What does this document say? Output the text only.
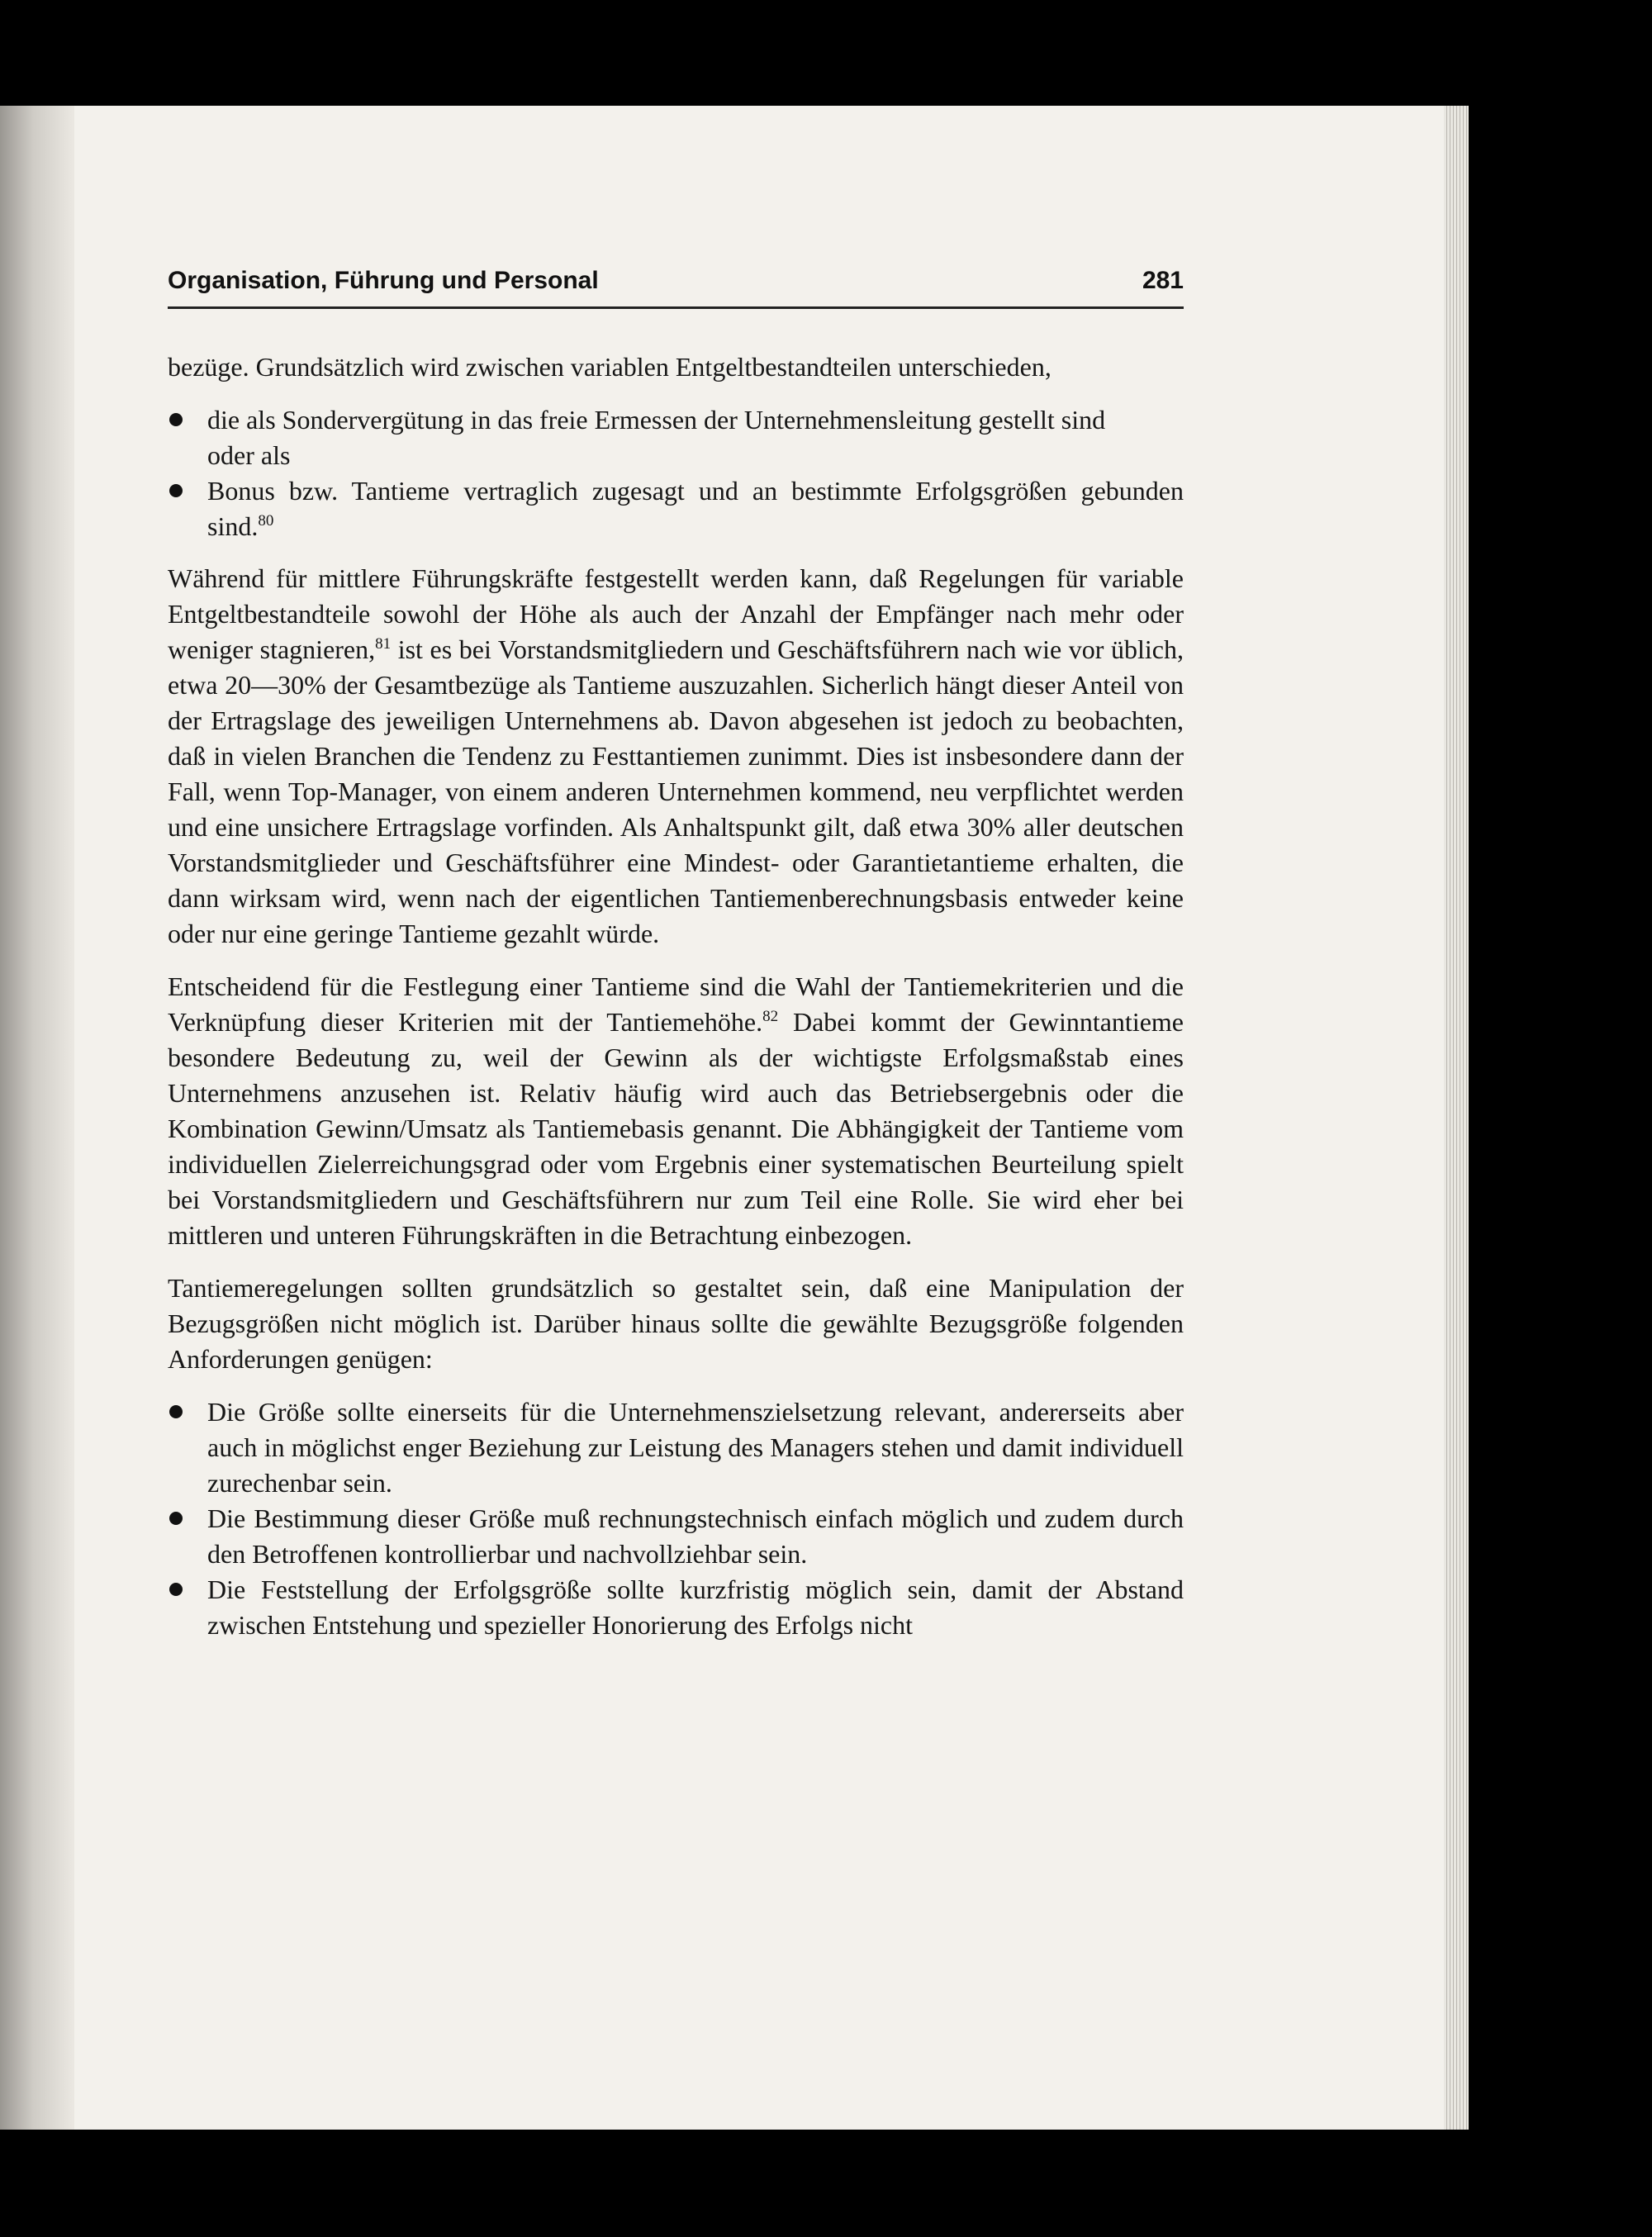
Organisation, Führung und Personal	281

bezüge. Grundsätzlich wird zwischen variablen Entgeltbestandteilen unterschieden,

die als Sondervergütung in das freie Ermessen der Unternehmensleitung gestellt sind
oder als
Bonus bzw. Tantieme vertraglich zugesagt und an bestimmte Erfolgsgrößen gebunden sind.$^{80}$

Während für mittlere Führungskräfte festgestellt werden kann, daß Regelungen für variable Entgeltbestandteile sowohl der Höhe als auch der Anzahl der Empfänger nach mehr oder weniger stagnieren,$^{81}$ ist es bei Vorstandsmitgliedern und Geschäftsführern nach wie vor üblich, etwa 20—30% der Gesamtbezüge als Tantieme auszuzahlen. Sicherlich hängt dieser Anteil von der Ertragslage des jeweiligen Unternehmens ab. Davon abgesehen ist jedoch zu beobachten, daß in vielen Branchen die Tendenz zu Festtantiemen zunimmt. Dies ist insbesondere dann der Fall, wenn Top-Manager, von einem anderen Unternehmen kommend, neu verpflichtet werden und eine unsichere Ertragslage vorfinden. Als Anhaltspunkt gilt, daß etwa 30% aller deutschen Vorstandsmitglieder und Geschäftsführer eine Mindest- oder Garantietantieme erhalten, die dann wirksam wird, wenn nach der eigentlichen Tantiemenberechnungsbasis entweder keine oder nur eine geringe Tantieme gezahlt würde.

Entscheidend für die Festlegung einer Tantieme sind die Wahl der Tantiemekriterien und die Verknüpfung dieser Kriterien mit der Tantiemehöhe.$^{82}$ Dabei kommt der Gewinntantieme besondere Bedeutung zu, weil der Gewinn als der wichtigste Erfolgsmaßstab eines Unternehmens anzusehen ist. Relativ häufig wird auch das Betriebsergebnis oder die Kombination Gewinn/Umsatz als Tantiemebasis genannt. Die Abhängigkeit der Tantieme vom individuellen Zielerreichungsgrad oder vom Ergebnis einer systematischen Beurteilung spielt bei Vorstandsmitgliedern und Geschäftsführern nur zum Teil eine Rolle. Sie wird eher bei mittleren und unteren Führungskräften in die Betrachtung einbezogen.

Tantiemeregelungen sollten grundsätzlich so gestaltet sein, daß eine Manipulation der Bezugsgrößen nicht möglich ist. Darüber hinaus sollte die gewählte Bezugsgröße folgenden Anforderungen genügen:

Die Größe sollte einerseits für die Unternehmenszielsetzung relevant, andererseits aber auch in möglichst enger Beziehung zur Leistung des Managers stehen und damit individuell zurechenbar sein.
Die Bestimmung dieser Größe muß rechnungstechnisch einfach möglich und zudem durch den Betroffenen kontrollierbar und nachvollziehbar sein.
Die Feststellung der Erfolgsgröße sollte kurzfristig möglich sein, damit der Abstand zwischen Entstehung und spezieller Honorierung des Erfolgs nicht
